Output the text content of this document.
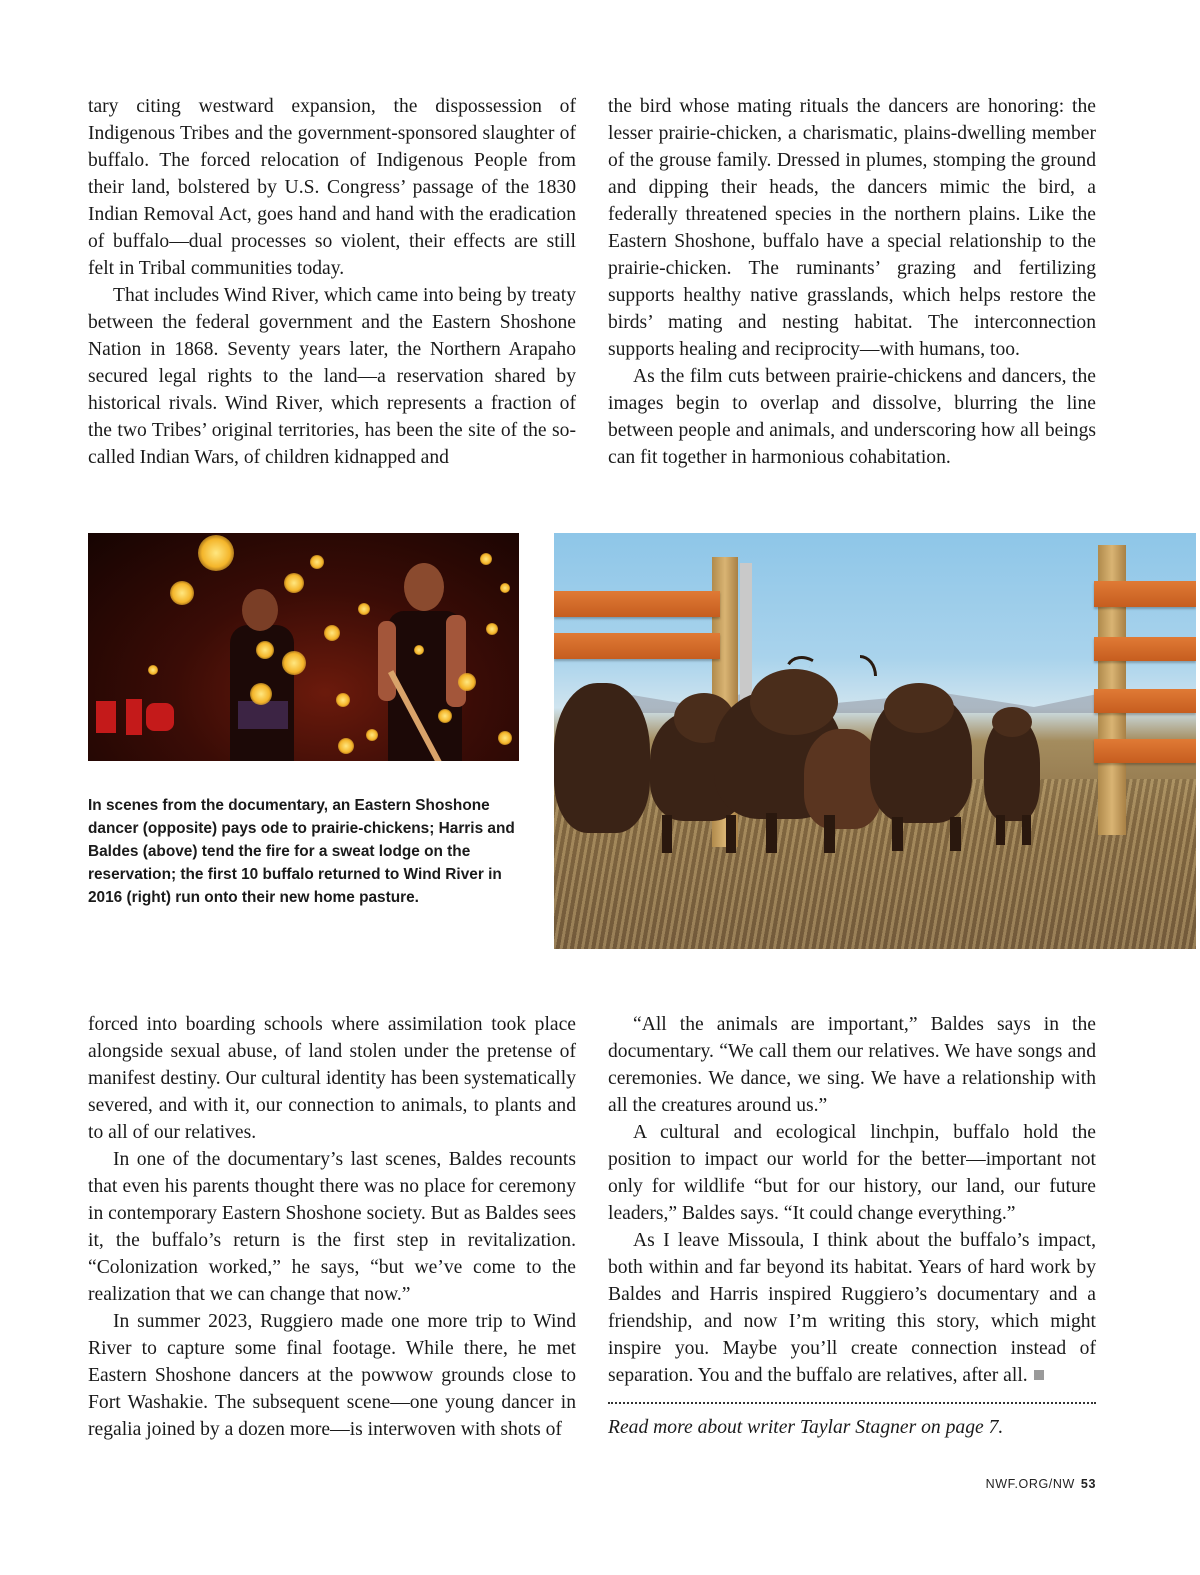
tary citing westward expansion, the dispossession of Indigenous Tribes and the government-sponsored slaughter of buffalo. The forced relocation of Indigenous People from their land, bolstered by U.S. Congress’ passage of the 1830 Indian Removal Act, goes hand and hand with the eradication of buffalo—dual processes so violent, their effects are still felt in Tribal communities today.

That includes Wind River, which came into being by treaty between the federal government and the Eastern Shoshone Nation in 1868. Seventy years later, the Northern Arapaho secured legal rights to the land—a reservation shared by historical rivals. Wind River, which represents a fraction of the two Tribes’ original territories, has been the site of the so-called Indian Wars, of children kidnapped and

the bird whose mating rituals the dancers are honoring: the lesser prairie-chicken, a charismatic, plains-dwelling member of the grouse family. Dressed in plumes, stomping the ground and dipping their heads, the dancers mimic the bird, a federally threatened species in the northern plains. Like the Eastern Shoshone, buffalo have a special relationship to the prairie-chicken. The ruminants’ grazing and fertilizing supports healthy native grasslands, which helps restore the birds’ mating and nesting habitat. The interconnection supports healing and reciprocity—with humans, too.

As the film cuts between prairie-chickens and dancers, the images begin to overlap and dissolve, blurring the line between people and animals, and underscoring how all beings can fit together in harmonious cohabitation.

In scenes from the documentary, an Eastern Shoshone dancer (opposite) pays ode to prairie-chickens; Harris and Baldes (above) tend the fire for a sweat lodge on the reservation; the first 10 buffalo returned to Wind River in 2016 (right) run onto their new home pasture.

forced into boarding schools where assimilation took place alongside sexual abuse, of land stolen under the pretense of manifest destiny. Our cultural identity has been systematically severed, and with it, our connection to animals, to plants and to all of our relatives.

In one of the documentary’s last scenes, Baldes recounts that even his parents thought there was no place for ceremony in contemporary Eastern Shoshone society. But as Baldes sees it, the buffalo’s return is the first step in revitalization. “Colonization worked,” he says, “but we’ve come to the realization that we can change that now.”

In summer 2023, Ruggiero made one more trip to Wind River to capture some final footage. While there, he met Eastern Shoshone dancers at the powwow grounds close to Fort Washakie. The subsequent scene—one young dancer in regalia joined by a dozen more—is interwoven with shots of

“All the animals are important,” Baldes says in the documentary. “We call them our relatives. We have songs and ceremonies. We dance, we sing. We have a relationship with all the creatures around us.”

A cultural and ecological linchpin, buffalo hold the position to impact our world for the better—important not only for wildlife “but for our history, our land, our future leaders,” Baldes says. “It could change everything.”

As I leave Missoula, I think about the buffalo’s impact, both within and far beyond its habitat. Years of hard work by Baldes and Harris inspired Ruggiero’s documentary and a friendship, and now I’m writing this story, which might inspire you. Maybe you’ll create connection instead of separation. You and the buffalo are relatives, after all.

Read more about writer Taylar Stagner on page 7.
NWF.ORG/NW 53
